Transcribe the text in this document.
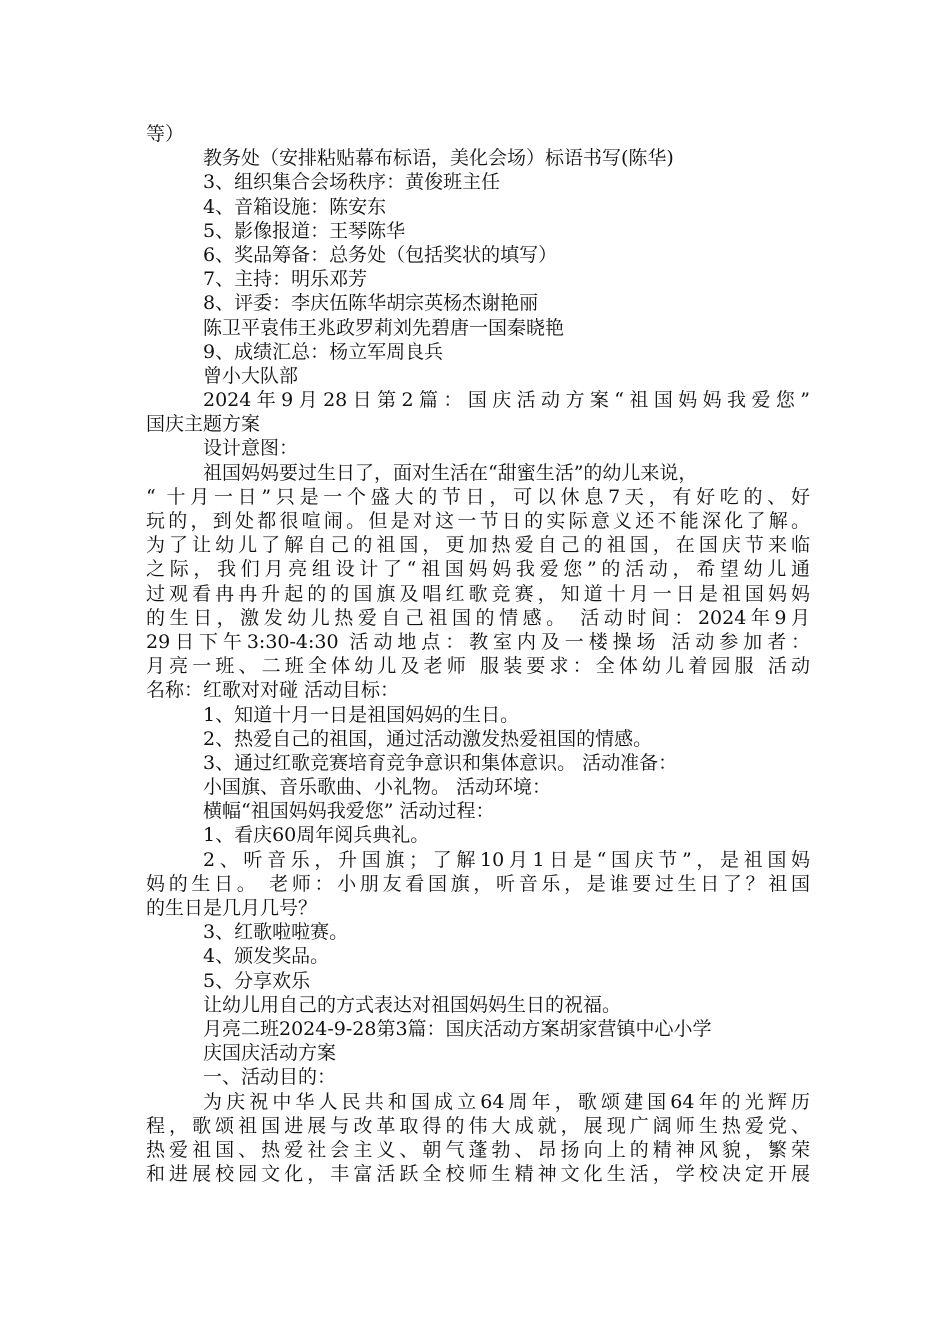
等）
教务处（安排粘贴幕布标语，美化会场）标语书写(陈华)
3、组织集合会场秩序：黄俊班主任
4、音箱设施：陈安东
5、影像报道：王琴陈华
6、奖品筹备：总务处（包括奖状的填写）
7、主持：明乐邓芳
8、评委：李庆伍陈华胡宗英杨杰谢艳丽
陈卫平袁伟王兆政罗莉刘先碧唐一国秦晓艳
9、成绩汇总：杨立军周良兵
曾小大队部
2024年9月28日第2篇：国庆活动方案“祖国妈妈我爱您”
国庆主题方案
设计意图：
祖国妈妈要过生日了，面对生活在“甜蜜生活”的幼儿来说，
“ 十月一日”只是一个盛大的节日，可以休息7天，有好吃的、好
玩的，到处都很喧闹。但是对这一节日的实际意义还不能深化了解。
为了让幼儿了解自己的祖国，更加热爱自己的祖国，在国庆节来临
之际，我们月亮组设计了“祖国妈妈我爱您”的活动，希望幼儿通
过观看冉冉升起的的国旗及唱红歌竞赛，知道十月一日是祖国妈妈
的生日，激发幼儿热爱自己祖国的情感。 活动时间：2024年9月
29日下午3:30-4:30 活动地点：教室内及一楼操场 活动参加者：
月亮一班、二班全体幼儿及老师 服装要求：全体幼儿着园服 活动
名称：红歌对对碰 活动目标：
1、知道十月一日是祖国妈妈的生日。
2、热爱自己的祖国，通过活动激发热爱祖国的情感。
3、通过红歌竞赛培育竞争意识和集体意识。 活动准备：
小国旗、音乐歌曲、小礼物。 活动环境：
横幅“祖国妈妈我爱您” 活动过程：
1、看庆60周年阅兵典礼。
2、听音乐，升国旗；了解10月1日是“国庆节”，是祖国妈
妈的生日。 老师：小朋友看国旗，听音乐，是谁要过生日了？祖国
的生日是几月几号？
3、红歌啦啦赛。
4、颁发奖品。
5、分享欢乐
让幼儿用自己的方式表达对祖国妈妈生日的祝福。
月亮二班2024-9-28第3篇：国庆活动方案胡家营镇中心小学
庆国庆活动方案
一、活动目的：
为庆祝中华人民共和国成立64周年，歌颂建国64年的光辉历
程，歌颂祖国进展与改革取得的伟大成就，展现广阔师生热爱党、
热爱祖国、热爱社会主义、朝气蓬勃、昂扬向上的精神风貌，繁荣
和进展校园文化，丰富活跃全校师生精神文化生活，学校决定开展
